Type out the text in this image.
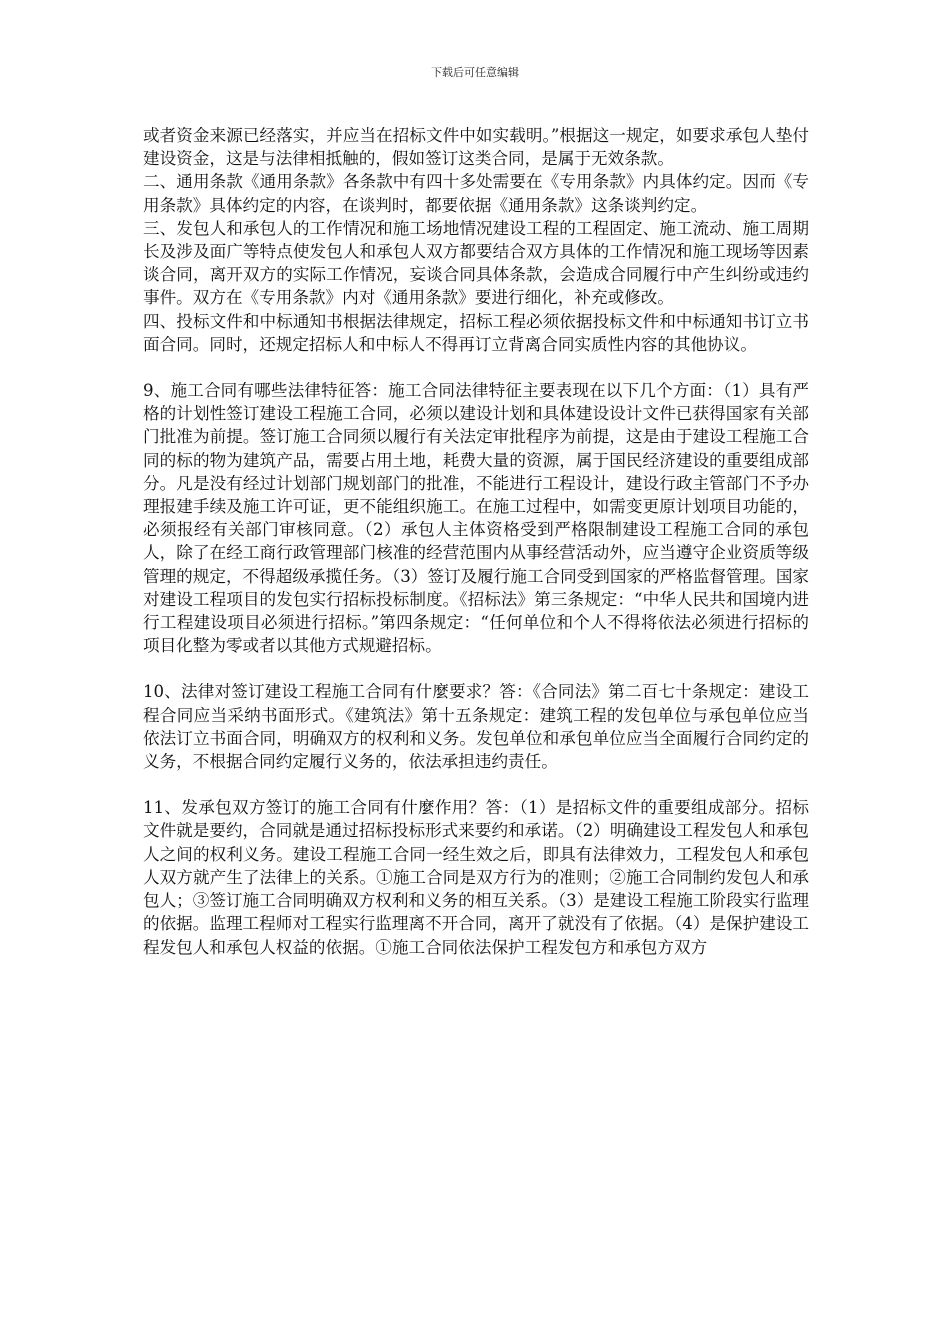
下载后可任意编辑

或者资金来源已经落实，并应当在招标文件中如实载明。”根据这一规定，如要求承包人垫付建设资金，这是与法律相抵触的，假如签订这类合同，是属于无效条款。

二、通用条款《通用条款》各条款中有四十多处需要在《专用条款》内具体约定。因而《专用条款》具体约定的内容，在谈判时，都要依据《通用条款》这条谈判约定。

三、发包人和承包人的工作情况和施工场地情况建设工程的工程固定、施工流动、施工周期长及涉及面广等特点使发包人和承包人双方都要结合双方具体的工作情况和施工现场等因素谈合同，离开双方的实际工作情况，妄谈合同具体条款，会造成合同履行中产生纠纷或违约事件。双方在《专用条款》内对《通用条款》要进行细化，补充或修改。

四、投标文件和中标通知书根据法律规定，招标工程必须依据投标文件和中标通知书订立书面合同。同时，还规定招标人和中标人不得再订立背离合同实质性内容的其他协议。

9、施工合同有哪些法律特征答：施工合同法律特征主要表现在以下几个方面：（1）具有严格的计划性签订建设工程施工合同，必须以建设计划和具体建设设计文件已获得国家有关部门批准为前提。签订施工合同须以履行有关法定审批程序为前提，这是由于建设工程施工合同的标的物为建筑产品，需要占用土地，耗费大量的资源，属于国民经济建设的重要组成部分。凡是没有经过计划部门规划部门的批准，不能进行工程设计，建设行政主管部门不予办理报建手续及施工许可证，更不能组织施工。在施工过程中，如需变更原计划项目功能的，必须报经有关部门审核同意。（2）承包人主体资格受到严格限制建设工程施工合同的承包人，除了在经工商行政管理部门核准的经营范围内从事经营活动外，应当遵守企业资质等级管理的规定，不得超级承揽任务。（3）签订及履行施工合同受到国家的严格监督管理。国家对建设工程项目的发包实行招标投标制度。《招标法》第三条规定：“中华人民共和国境内进行工程建设项目必须进行招标。”第四条规定：“任何单位和个人不得将依法必须进行招标的项目化整为零或者以其他方式规避招标。

10、法律对签订建设工程施工合同有什麼要求？答：《合同法》第二百七十条规定：建设工程合同应当采纳书面形式。《建筑法》第十五条规定：建筑工程的发包单位与承包单位应当依法订立书面合同，明确双方的权利和义务。发包单位和承包单位应当全面履行合同约定的义务，不根据合同约定履行义务的，依法承担违约责任。

11、发承包双方签订的施工合同有什麼作用？答：（1）是招标文件的重要组成部分。招标文件就是要约，合同就是通过招标投标形式来要约和承诺。（2）明确建设工程发包人和承包人之间的权利义务。建设工程施工合同一经生效之后，即具有法律效力，工程发包人和承包人双方就产生了法律上的关系。①施工合同是双方行为的准则；②施工合同制约发包人和承包人；③签订施工合同明确双方权利和义务的相互关系。（3）是建设工程施工阶段实行监理的依据。监理工程师对工程实行监理离不开合同，离开了就没有了依据。（4）是保护建设工程发包人和承包人权益的依据。①施工合同依法保护工程发包方和承包方双方
